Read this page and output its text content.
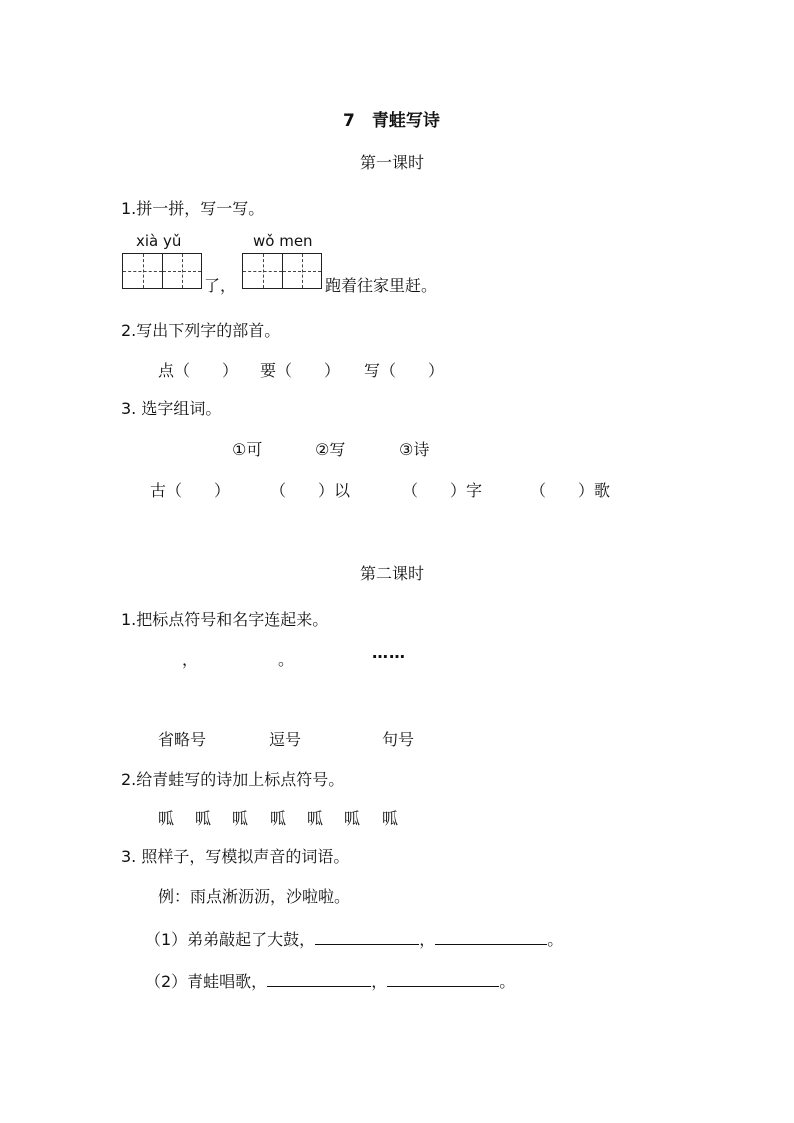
7　青蛙写诗
第一课时
1.拼一拼，写一写。
xià yǔ	wǒ men
了，	跑着往家里赶。
2.写出下列字的部首。
点（　　） 要（　　） 写（　　）
3. 选字组词。
①可	②写	③诗
古（　　） （　　）以	（　　）字	（　　）歌
第二课时
1.把标点符号和名字连起来。
，	。	……
省略号	逗号	句号
2.给青蛙写的诗加上标点符号。
呱 呱 呱 呱 呱 呱 呱
3. 照样子，写模拟声音的词语。
例：雨点淅沥沥，沙啦啦。
（1）弟弟敲起了大鼓，	，	。
（2）青蛙唱歌，	，	。
